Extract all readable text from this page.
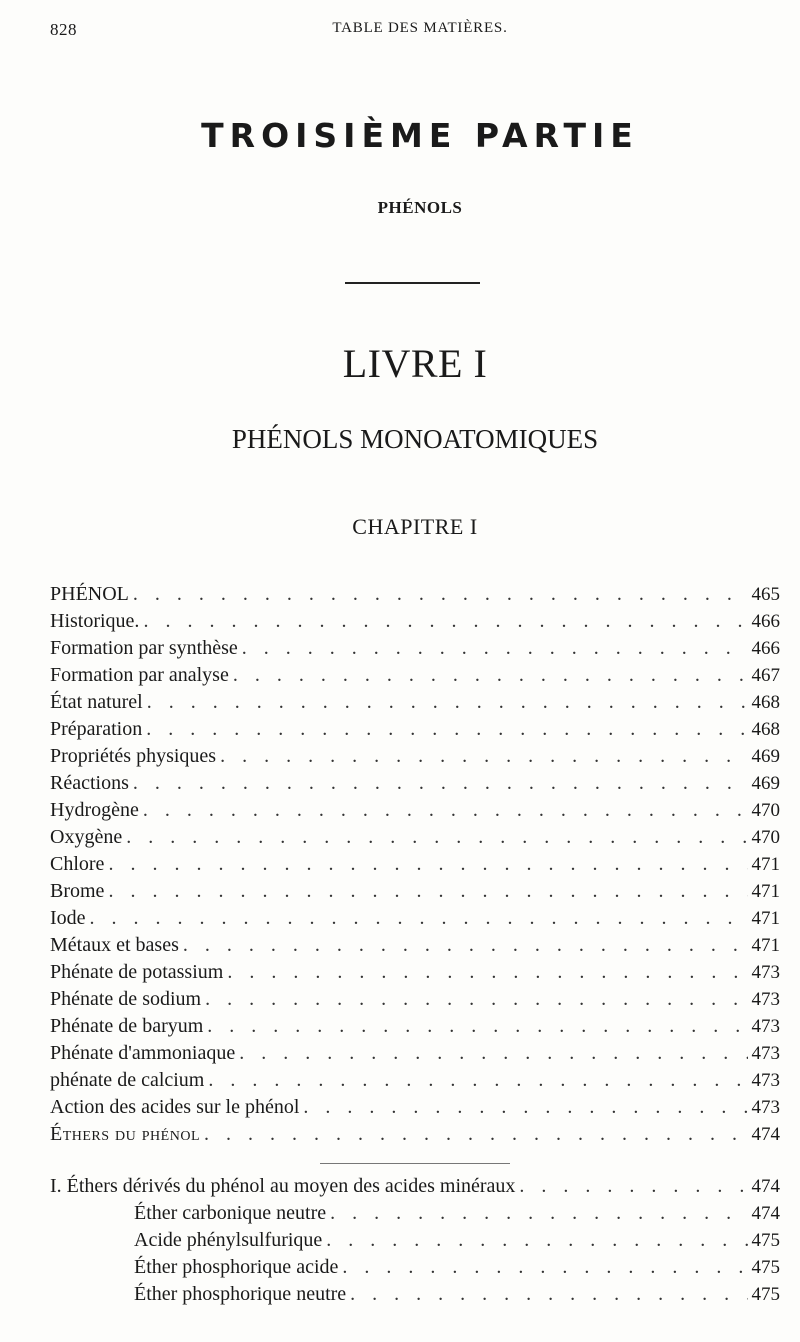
828	TABLE DES MATIÈRES.
TROISIÈME PARTIE
PHÉNOLS
LIVRE I
PHÉNOLS MONOATOMIQUES
CHAPITRE I
PHÉNOL . . .	465
Historique. . . .	466
Formation par synthèse . . .	466
Formation par analyse . . .	467
État naturel . . .	468
Préparation . . .	468
Propriétés physiques . . .	469
Réactions . . .	469
Hydrogène . . .	470
Oxygène . . .	470
Chlore . . .	471
Brome . . .	471
Iode . . .	471
Métaux et bases . . .	471
Phénate de potassium . . .	473
Phénate de sodium . . .	473
Phénate de baryum . . .	473
Phénate d'ammoniaque . . .	473
phénate de calcium . . .	473
Action des acides sur le phénol . . .	473
Éthers du phénol . . .	474
I. Éthers dérivés du phénol au moyen des acides minéraux . . .	474
Éther carbonique neutre . . .	474
Acide phénylsulfurique . . .	475
Éther phosphorique acide . . .	475
Éther phosphorique neutre . . .	475
